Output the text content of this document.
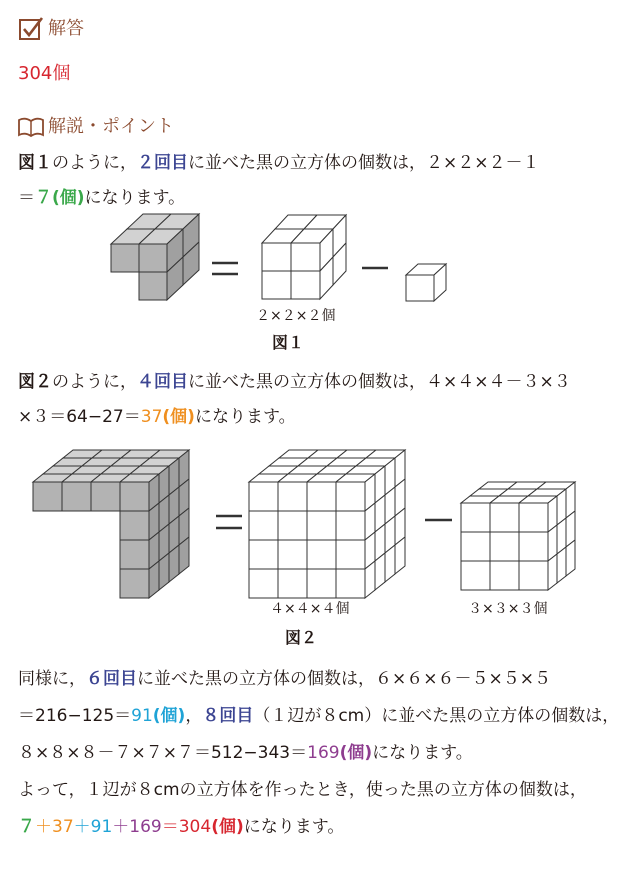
解答
304個
解説・ポイント
図１のように，２回目に並べた黒の立方体の個数は，２×２×２－１
＝７(個)になります。
２×２×２個
図１
図２のように，４回目に並べた黒の立方体の個数は，４×４×４－３×３
×３＝64−27＝37(個)になります。
４×４×４個	３×３×３個
図２
同様に，６回目に並べた黒の立方体の個数は，６×６×６－５×５×５
＝216−125＝91(個)，８回目（１辺が８cm）に並べた黒の立方体の個数は，
８×８×８－７×７×７＝512−343＝169(個)になります。
よって，１辺が８cmの立方体を作ったとき，使った黒の立方体の個数は，
７＋37＋91＋169＝304(個)になります。
